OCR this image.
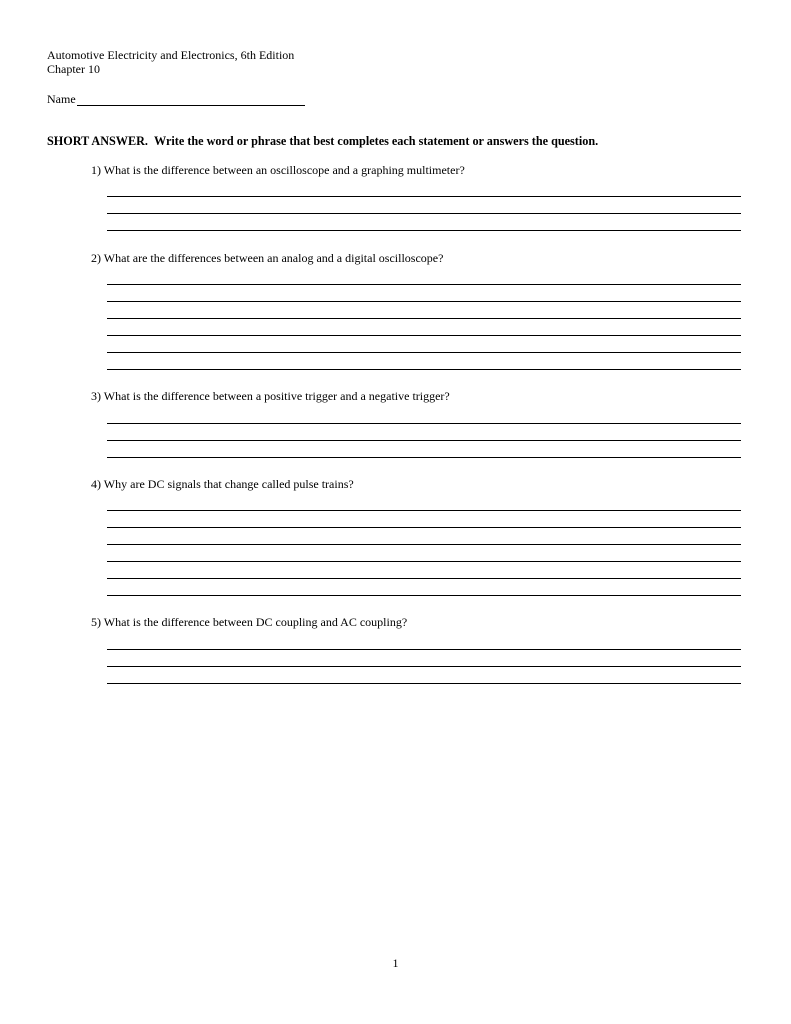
Automotive Electricity and Electronics, 6th Edition
Chapter 10
Name
SHORT ANSWER. Write the word or phrase that best completes each statement or answers the question.
1) What is the difference between an oscilloscope and a graphing multimeter?
2) What are the differences between an analog and a digital oscilloscope?
3) What is the difference between a positive trigger and a negative trigger?
4) Why are DC signals that change called pulse trains?
5) What is the difference between DC coupling and AC coupling?
1
